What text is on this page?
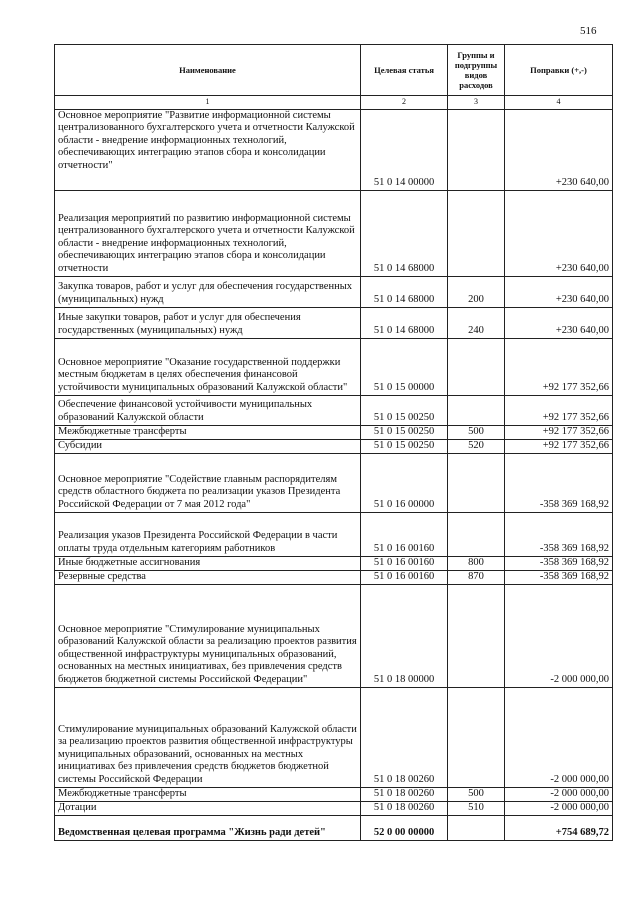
516
Наименование	Целевая статья	Группы и подгруппы видов расходов	Поправки (+,-)
1	2	3	4
Основное мероприятие "Развитие информационной системы централизованного бухгалтерского учета и отчетности Калужской области - внедрение информационных технологий, обеспечивающих интеграцию этапов сбора и консолидации отчетности"	51 0 14 00000		+230 640,00
Реализация мероприятий по развитию информационной системы централизованного бухгалтерского учета и отчетности Калужской области - внедрение информационных технологий, обеспечивающих интеграцию этапов сбора и консолидации отчетности	51 0 14 68000		+230 640,00
Закупка товаров, работ и услуг для обеспечения государственных (муниципальных) нужд	51 0 14 68000	200	+230 640,00
Иные закупки товаров, работ и услуг для обеспечения государственных (муниципальных) нужд	51 0 14 68000	240	+230 640,00
Основное мероприятие "Оказание государственной поддержки местным бюджетам в целях обеспечения финансовой устойчивости муниципальных образований Калужской области"	51 0 15 00000		+92 177 352,66
Обеспечение финансовой устойчивости муниципальных образований Калужской области	51 0 15 00250		+92 177 352,66
Межбюджетные трансферты	51 0 15 00250	500	+92 177 352,66
Субсидии	51 0 15 00250	520	+92 177 352,66
Основное мероприятие "Содействие главным распорядителям средств областного бюджета по реализации указов Президента Российской Федерации от 7 мая 2012 года"	51 0 16 00000		-358 369 168,92
Реализация указов Президента Российской Федерации в части оплаты труда отдельным категориям работников	51 0 16 00160		-358 369 168,92
Иные бюджетные ассигнования	51 0 16 00160	800	-358 369 168,92
Резервные средства	51 0 16 00160	870	-358 369 168,92
Основное мероприятие "Стимулирование муниципальных образований Калужской области за реализацию проектов развития общественной инфраструктуры муниципальных образований, основанных на местных инициативах, без привлечения средств бюджетов бюджетной системы Российской Федерации"	51 0 18 00000		-2 000 000,00
Стимулирование муниципальных образований Калужской области за реализацию проектов развития общественной инфраструктуры муниципальных образований, основанных на местных инициативах без привлечения средств бюджетов бюджетной системы Российской Федерации	51 0 18 00260		-2 000 000,00
Межбюджетные трансферты	51 0 18 00260	500	-2 000 000,00
Дотации	51 0 18 00260	510	-2 000 000,00
Ведомственная целевая программа "Жизнь ради детей"	52 0 00 00000		+754 689,72
